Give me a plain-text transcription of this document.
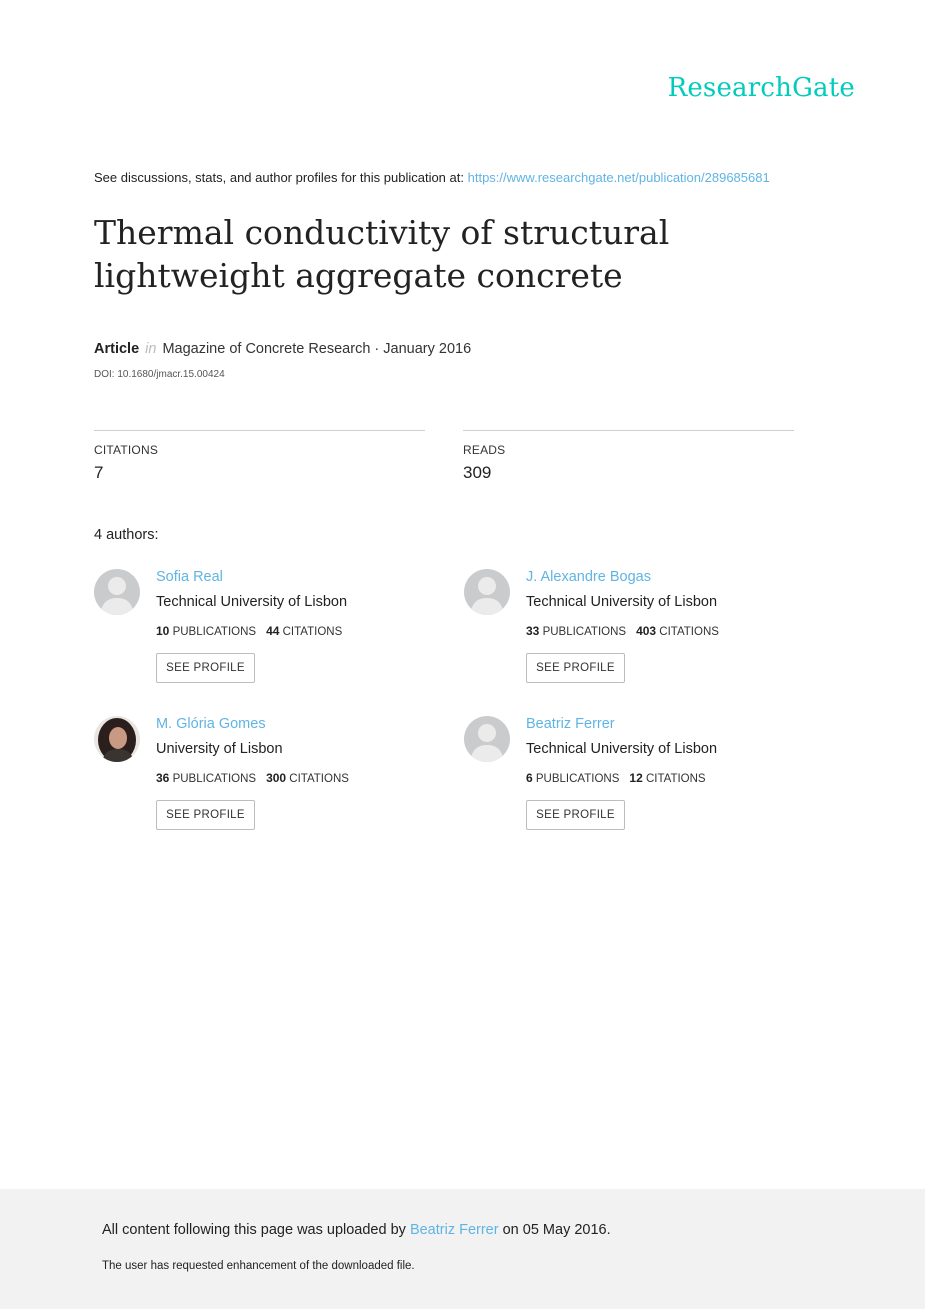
ResearchGate
See discussions, stats, and author profiles for this publication at: https://www.researchgate.net/publication/289685681
Thermal conductivity of structural lightweight aggregate concrete
Article in Magazine of Concrete Research · January 2016
DOI: 10.1680/jmacr.15.00424
CITATIONS
7
READS
309
4 authors:
Sofia Real
Technical University of Lisbon
10 PUBLICATIONS 44 CITATIONS
SEE PROFILE
J. Alexandre Bogas
Technical University of Lisbon
33 PUBLICATIONS 403 CITATIONS
SEE PROFILE
M. Glória Gomes
University of Lisbon
36 PUBLICATIONS 300 CITATIONS
SEE PROFILE
Beatriz Ferrer
Technical University of Lisbon
6 PUBLICATIONS 12 CITATIONS
SEE PROFILE
All content following this page was uploaded by Beatriz Ferrer on 05 May 2016.
The user has requested enhancement of the downloaded file.
